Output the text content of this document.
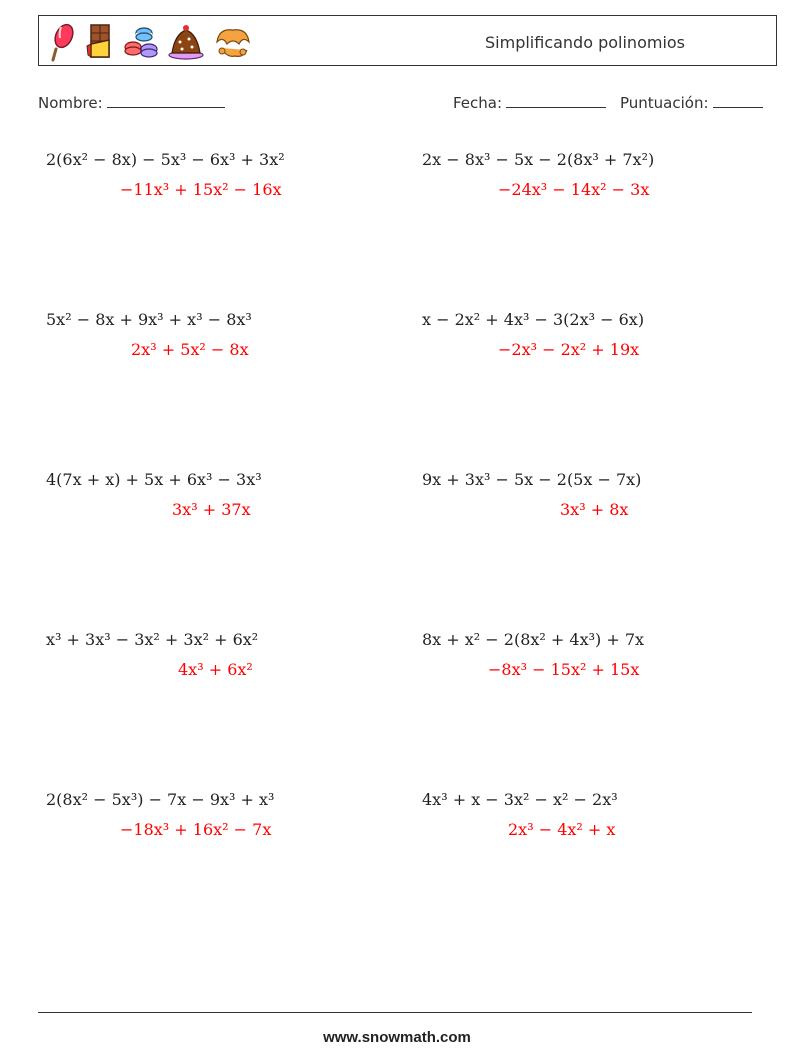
Simplificando polinomios
Nombre:	Fecha:	Puntuación:
2(6x² − 8x) − 5x³ − 6x³ + 3x²
−11x³ + 15x² − 16x
5x² − 8x + 9x³ + x³ − 8x³
2x³ + 5x² − 8x
4(7x + x) + 5x + 6x³ − 3x³
3x³ + 37x
x³ + 3x³ − 3x² + 3x² + 6x²
4x³ + 6x²
2(8x² − 5x³) − 7x − 9x³ + x³
−18x³ + 16x² − 7x
2x − 8x³ − 5x − 2(8x³ + 7x²)
−24x³ − 14x² − 3x
x − 2x² + 4x³ − 3(2x³ − 6x)
−2x³ − 2x² + 19x
9x + 3x³ − 5x − 2(5x − 7x)
3x³ + 8x
8x + x² − 2(8x² + 4x³) + 7x
−8x³ − 15x² + 15x
4x³ + x − 3x² − x² − 2x³
2x³ − 4x² + x
www.snowmath.com
